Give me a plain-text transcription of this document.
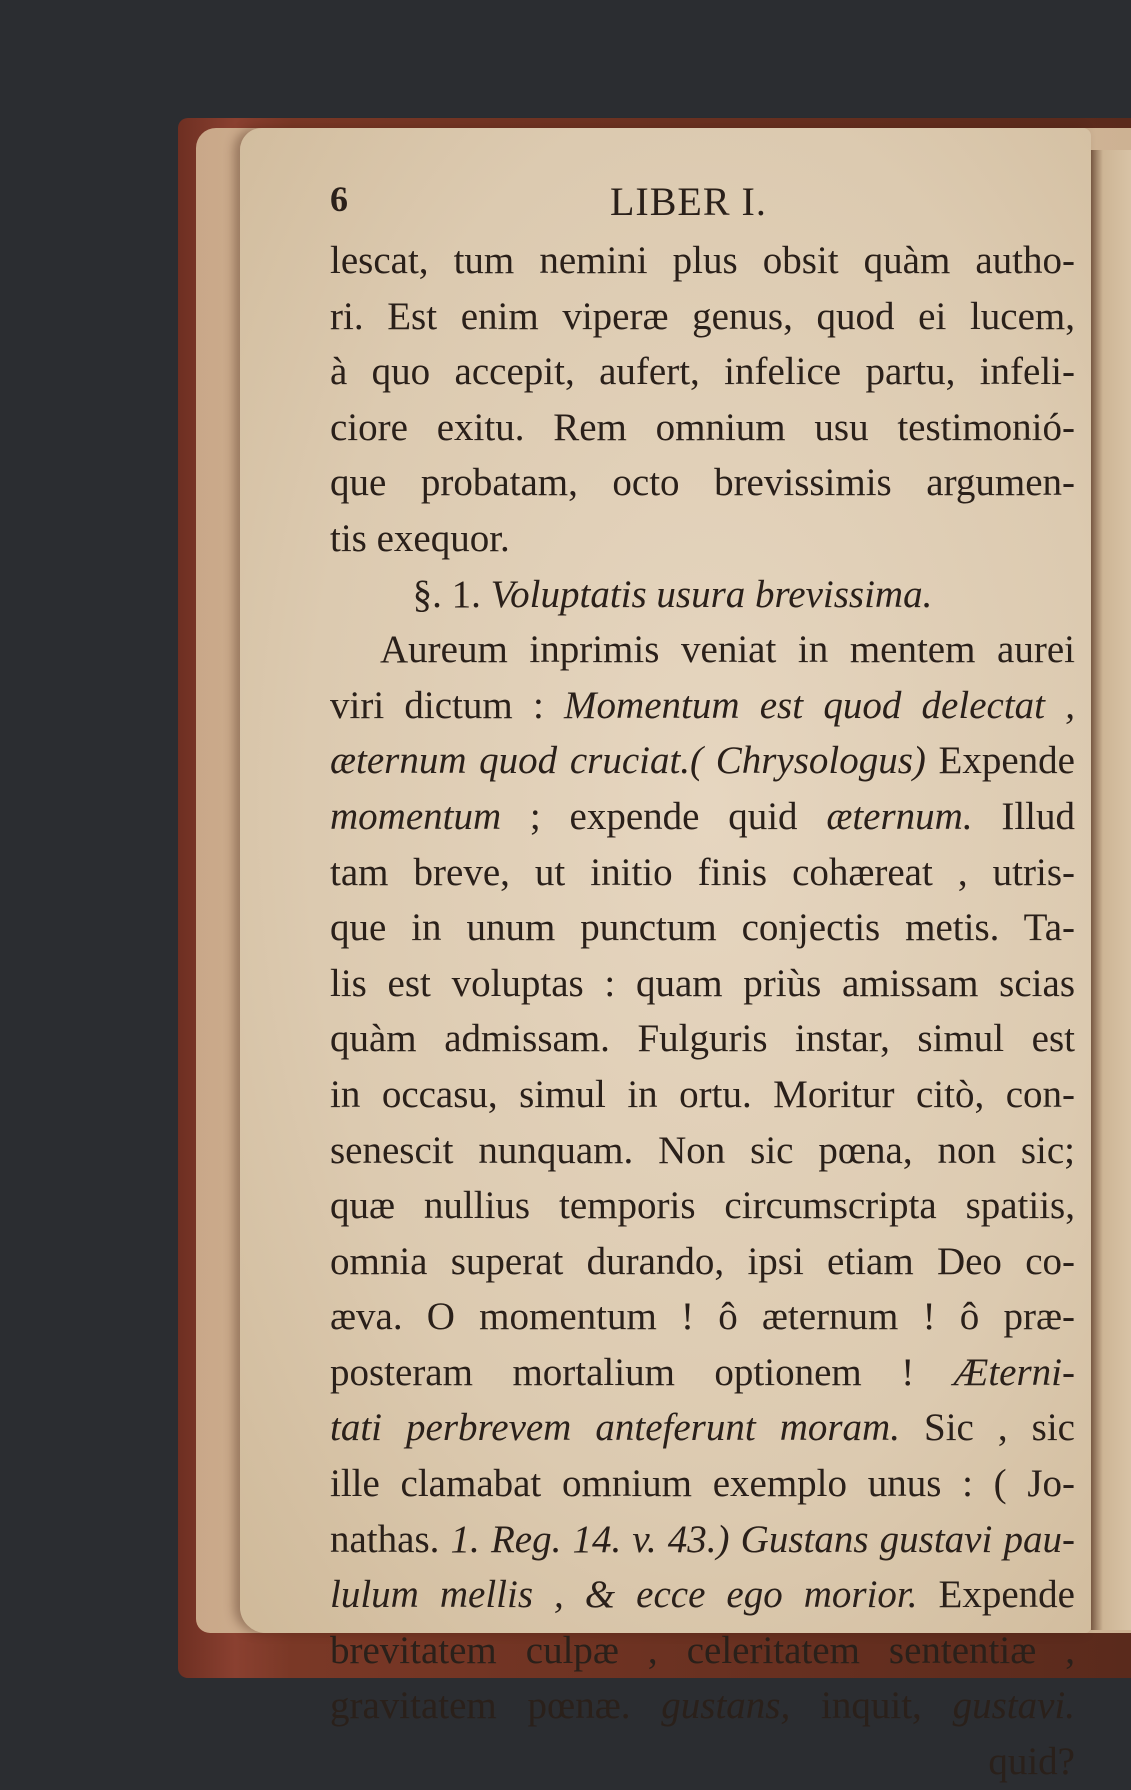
6	LIBER I.
lescat, tum nemini plus obsit quàm autho-
ri. Est enim viperæ genus, quod ei lucem,
à quo accepit, aufert, infelice partu, infeli-
ciore exitu. Rem omnium usu testimonió-
que probatam, octo brevissimis argumen-
tis exequor.
§. 1. Voluptatis usura brevissima.
Aureum inprimis veniat in mentem aurei
viri dictum : Momentum est quod delectat ,
æternum quod cruciat.( Chrysologus) Expende
momentum ; expende quid æternum. Illud
tam breve, ut initio finis cohæreat , utris-
que in unum punctum conjectis metis. Ta-
lis est voluptas : quam priùs amissam scias
quàm admissam. Fulguris instar, simul est
in occasu, simul in ortu. Moritur citò, con-
senescit nunquam. Non sic pœna, non sic;
quæ nullius temporis circumscripta spatiis,
omnia superat durando, ipsi etiam Deo co-
æva. O momentum ! ô æternum ! ô præ-
posteram mortalium optionem ! Æterni-
tati perbrevem anteferunt moram. Sic , sic
ille clamabat omnium exemplo unus : ( Jo-
nathas. 1. Reg. 14. v. 43.) Gustans gustavi pau-
lulum mellis , & ecce ego morior. Expende
brevitatem culpæ , celeritatem sententiæ ,
gravitatem pœnæ. gustans, inquit, gustavi.
quid?
